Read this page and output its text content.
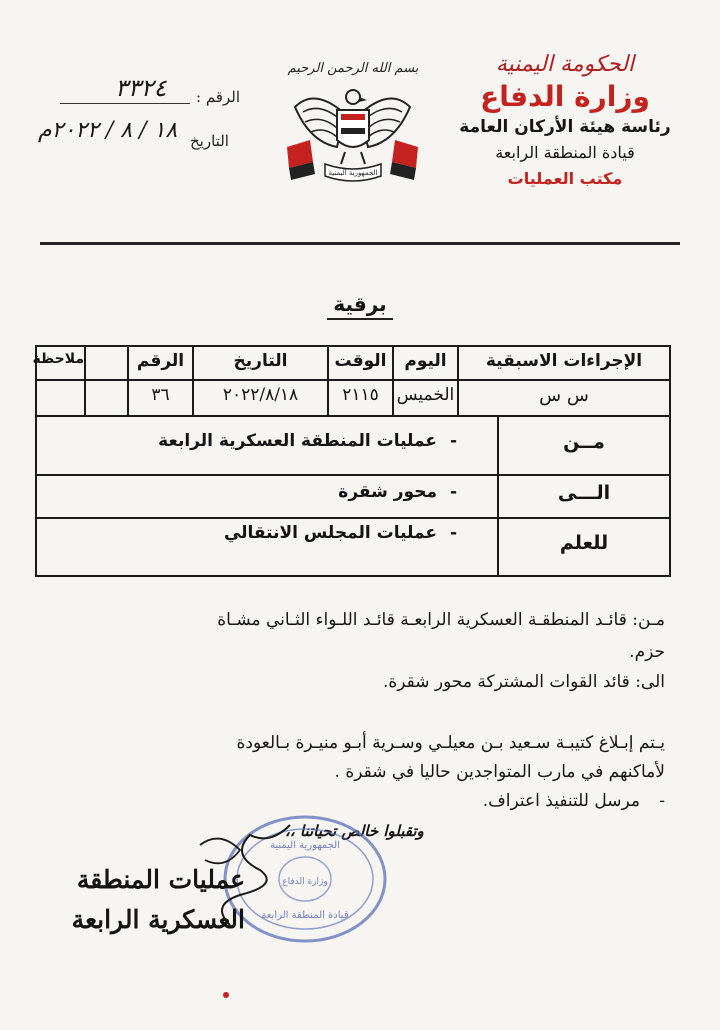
الحكومة اليمنية
وزارة الدفاع
رئاسة هيئة الأركان العامة
قيادة المنطقة الرابعة
مكتب العمليات
بسم الله الرحمن الرحيم
الجمهورية اليمنية
الرقم :
٣٣٢٤
التاريخ
١٨ / ٨ / ٢٠٢٢م
برقية
الإجراءات الاسبقية
اليوم
الوقت
التاريخ
الرقم
ملاحظة
س س
الخميس
٢١١٥
٢٠٢٢/٨/١٨
٣٦
مــن
عمليات المنطقة العسكرية الرابعة -
الـــى
محور شقرة -
للعلم
عمليات المجلس الانتقالي -
مـن: قائـد المنطقـة العسكرية الرابعـة قائـد اللـواء الثـاني مشـاة
حزم.
الى: قائد القوات المشتركة محور شقرة.
يـتم إبـلاغ كتيبـة سـعيد بـن معيلـي وسـرية أبـو منيـرة بـالعودة
لأماكنهم في مارب المتواجدين حاليا في شقرة .
-
مرسل للتنفيذ اعتراف.
وتقبلوا خالص تحياتنا ،،
الجمهورية اليمنية
وزارة الدفاع
قيادة المنطقة الرابعة
عمليات المنطقة
العسكرية الرابعة
